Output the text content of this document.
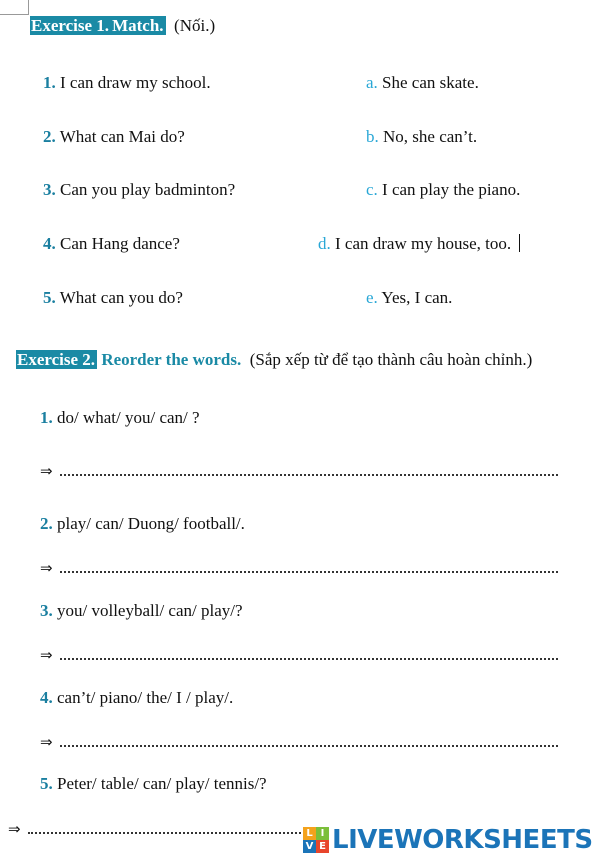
Exercise 1. Match. (Nối.)
1. I can draw my school.
2. What can Mai do?
3. Can you play badminton?
4. Can Hang dance?
5. What can you do?
a. She can skate.
b. No, she can’t.
c. I can play the piano.
d. I can draw my house, too.
e. Yes, I can.
Exercise 2. Reorder the words. (Sắp xếp từ để tạo thành câu hoàn chỉnh.)
1. do/ what/ you/ can/ ?
⇒
2. play/ can/ Duong/ football/.
⇒
3. you/ volleyball/ can/ play/?
⇒
4. can’t/ piano/ the/ I / play/.
⇒
5. Peter/ table/ can/ play/ tennis/?
⇒	L I
V E LIVEWORKSHEETS
